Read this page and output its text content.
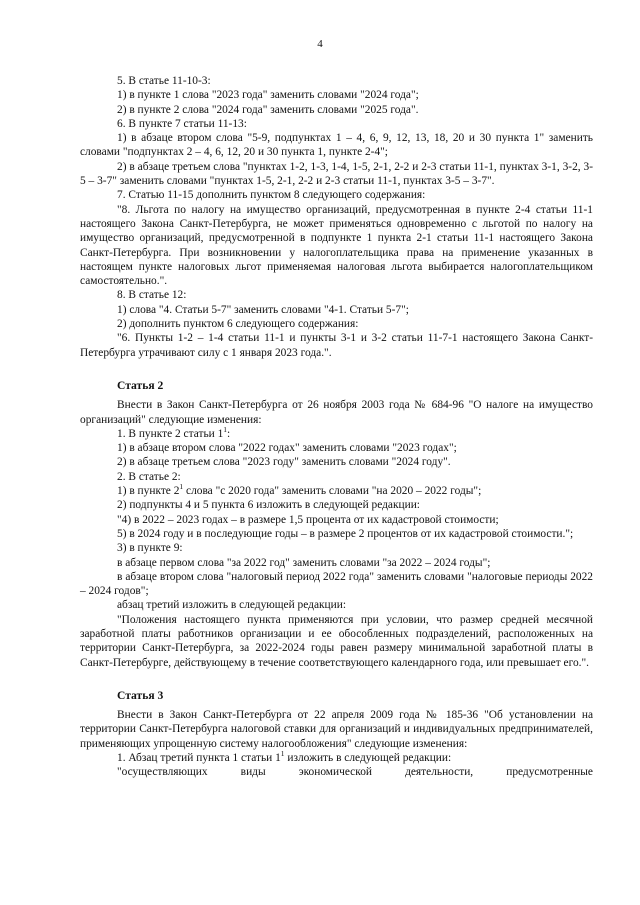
4

5. В статье 11-10-3:

1) в пункте 1 слова "2023 года" заменить словами "2024 года";

2) в пункте 2 слова "2024 года" заменить словами "2025 года".

6. В пункте 7 статьи 11-13:

1) в абзаце втором слова "5-9, подпунктах 1 – 4, 6, 9, 12, 13, 18, 20 и 30 пункта 1" заменить словами "подпунктах 2 – 4, 6, 12, 20 и 30 пункта 1, пункте 2-4";

2) в абзаце третьем слова "пунктах 1-2, 1-3, 1-4, 1-5, 2-1, 2-2 и 2-3 статьи 11-1, пунктах 3-1, 3-2, 3-5 – 3-7" заменить словами "пунктах 1-5, 2-1, 2-2 и 2-3 статьи 11-1, пунктах 3-5 – 3-7".

7. Статью 11-15 дополнить пунктом 8 следующего содержания:

"8. Льгота по налогу на имущество организаций, предусмотренная в пункте 2-4 статьи 11-1 настоящего Закона Санкт-Петербурга, не может применяться одновременно с льготой по налогу на имущество организаций, предусмотренной в подпункте 1 пункта 2-1 статьи 11-1 настоящего Закона Санкт-Петербурга. При возникновении у налогоплательщика права на применение указанных в настоящем пункте налоговых льгот применяемая налоговая льгота выбирается налогоплательщиком самостоятельно.".

8. В статье 12:

1) слова "4. Статьи 5-7" заменить словами "4-1. Статьи 5-7";

2) дополнить пунктом 6 следующего содержания:

"6. Пункты 1-2 – 1-4 статьи 11-1 и пункты 3-1 и 3-2 статьи 11-7-1 настоящего Закона Санкт-Петербурга утрачивают силу с 1 января 2023 года.".

Статья 2

Внести в Закон Санкт-Петербурга от 26 ноября 2003 года № 684-96 "О налоге на имущество организаций" следующие изменения:

1. В пункте 2 статьи $1^1$:

1) в абзаце втором слова "2022 годах" заменить словами "2023 годах";

2) в абзаце третьем слова "2023 году" заменить словами "2024 году".

2. В статье 2:

1) в пункте $2^1$ слова "с 2020 года" заменить словами "на 2020 – 2022 годы";

2) подпункты 4 и 5 пункта 6 изложить в следующей редакции:

"4) в 2022 – 2023 годах – в размере 1,5 процента от их кадастровой стоимости;

5) в 2024 году и в последующие годы – в размере 2 процентов от их кадастровой стоимости.";

3) в пункте 9:

в абзаце первом слова "за 2022 год" заменить словами "за 2022 – 2024 годы";

в абзаце втором слова "налоговый период 2022 года" заменить словами "налоговые периоды 2022 – 2024 годов";

абзац третий изложить в следующей редакции:

"Положения настоящего пункта применяются при условии, что размер средней месячной заработной платы работников организации и ее обособленных подразделений, расположенных на территории Санкт-Петербурга, за 2022-2024 годы равен размеру минимальной заработной платы в Санкт-Петербурге, действующему в течение соответствующего календарного года, или превышает его.".

Статья 3

Внести в Закон Санкт-Петербурга от 22 апреля 2009 года № 185-36 "Об установлении на территории Санкт-Петербурга налоговой ставки для организаций и индивидуальных предпринимателей, применяющих упрощенную систему налогообложения" следующие изменения:

1. Абзац третий пункта 1 статьи $1^1$ изложить в следующей редакции:

"осуществляющих виды экономической деятельности, предусмотренные
